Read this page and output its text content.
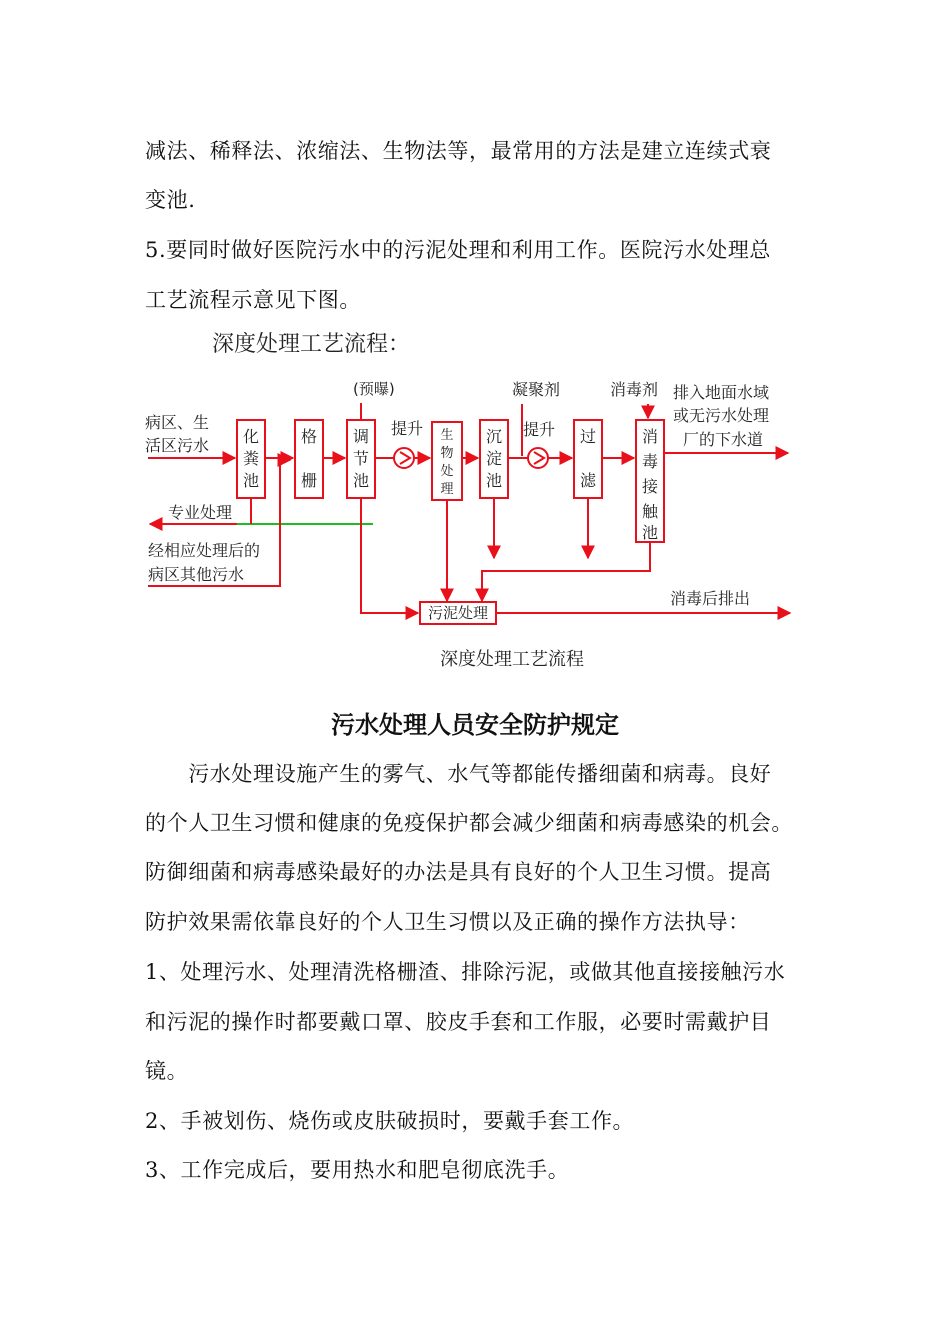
减法、稀释法、浓缩法、生物法等，最常用的方法是建立连续式衰

变池.

5.要同时做好医院污水中的污泥处理和利用工作。医院污水处理总

工艺流程示意见下图。

深度处理工艺流程：
病区、生
活区污水 化
粪
池
格
栅
(预曝)
调
节
池
提升 生
物
处
理
沉
淀
池
凝聚剂
提升 过
滤
消毒剂
消
毒
接
触
池
排入地面水域
或无污水处理
厂的下水道
专业处理
经相应处理后的
病区其他污水
污泥处理
消毒后排出
深度处理工艺流程
污水处理人员安全防护规定

　　污水处理设施产生的雾气、水气等都能传播细菌和病毒。良好

的个人卫生习惯和健康的免疫保护都会减少细菌和病毒感染的机会。

防御细菌和病毒感染最好的办法是具有良好的个人卫生习惯。提高

防护效果需依靠良好的个人卫生习惯以及正确的操作方法执导：

1、处理污水、处理清洗格栅渣、排除污泥，或做其他直接接触污水

和污泥的操作时都要戴口罩、胶皮手套和工作服，必要时需戴护目

镜。

2、手被划伤、烧伤或皮肤破损时，要戴手套工作。

3、工作完成后，要用热水和肥皂彻底洗手。
